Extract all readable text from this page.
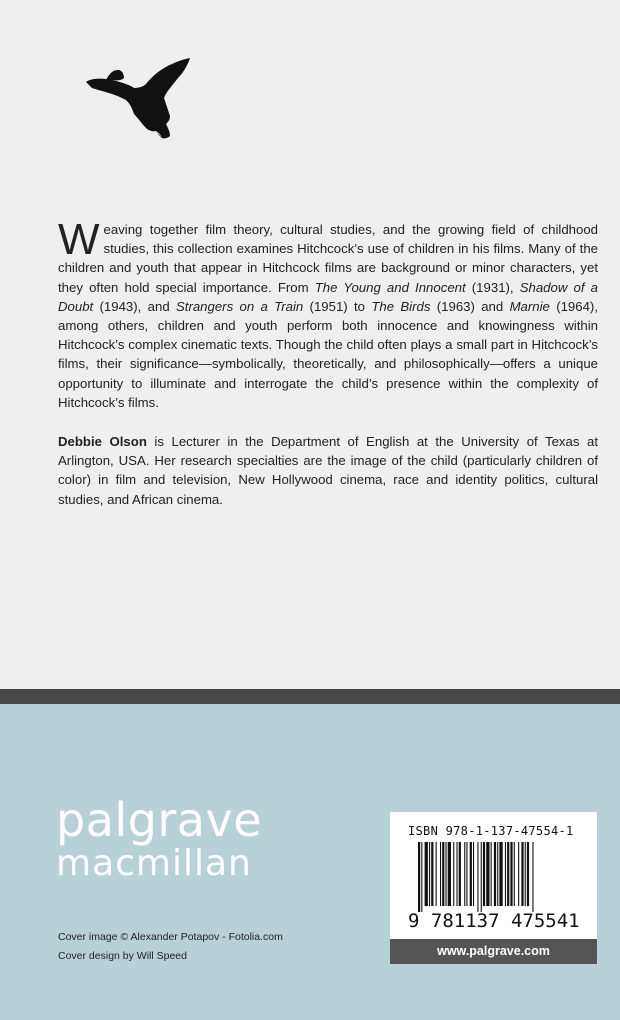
Weaving together film theory, cultural studies, and the growing field of childhood studies, this collection examines Hitchcock’s use of children in his films. Many of the children and youth that appear in Hitchcock films are background or minor characters, yet they often hold special importance. From The Young and Innocent (1931), Shadow of a Doubt (1943), and Strangers on a Train (1951) to The Birds (1963) and Marnie (1964), among others, children and youth perform both innocence and knowingness within Hitchcock’s complex cinematic texts. Though the child often plays a small part in Hitchcock’s films, their significance—symbolically, theoretically, and philosophically—offers a unique opportunity to illuminate and interrogate the child’s presence within the complexity of Hitchcock’s films.

Debbie Olson is Lecturer in the Department of English at the University of Texas at Arlington, USA. Her research specialties are the image of the child (particularly children of color) in film and television, New Hollywood cinema, race and identity politics, cultural studies, and African cinema.

palgrave
macmillan
Cover image © Alexander Potapov - Fotolia.com
Cover design by Will Speed
ISBN 978-1-137-47554-1
9 781137 475541
www.palgrave.com
